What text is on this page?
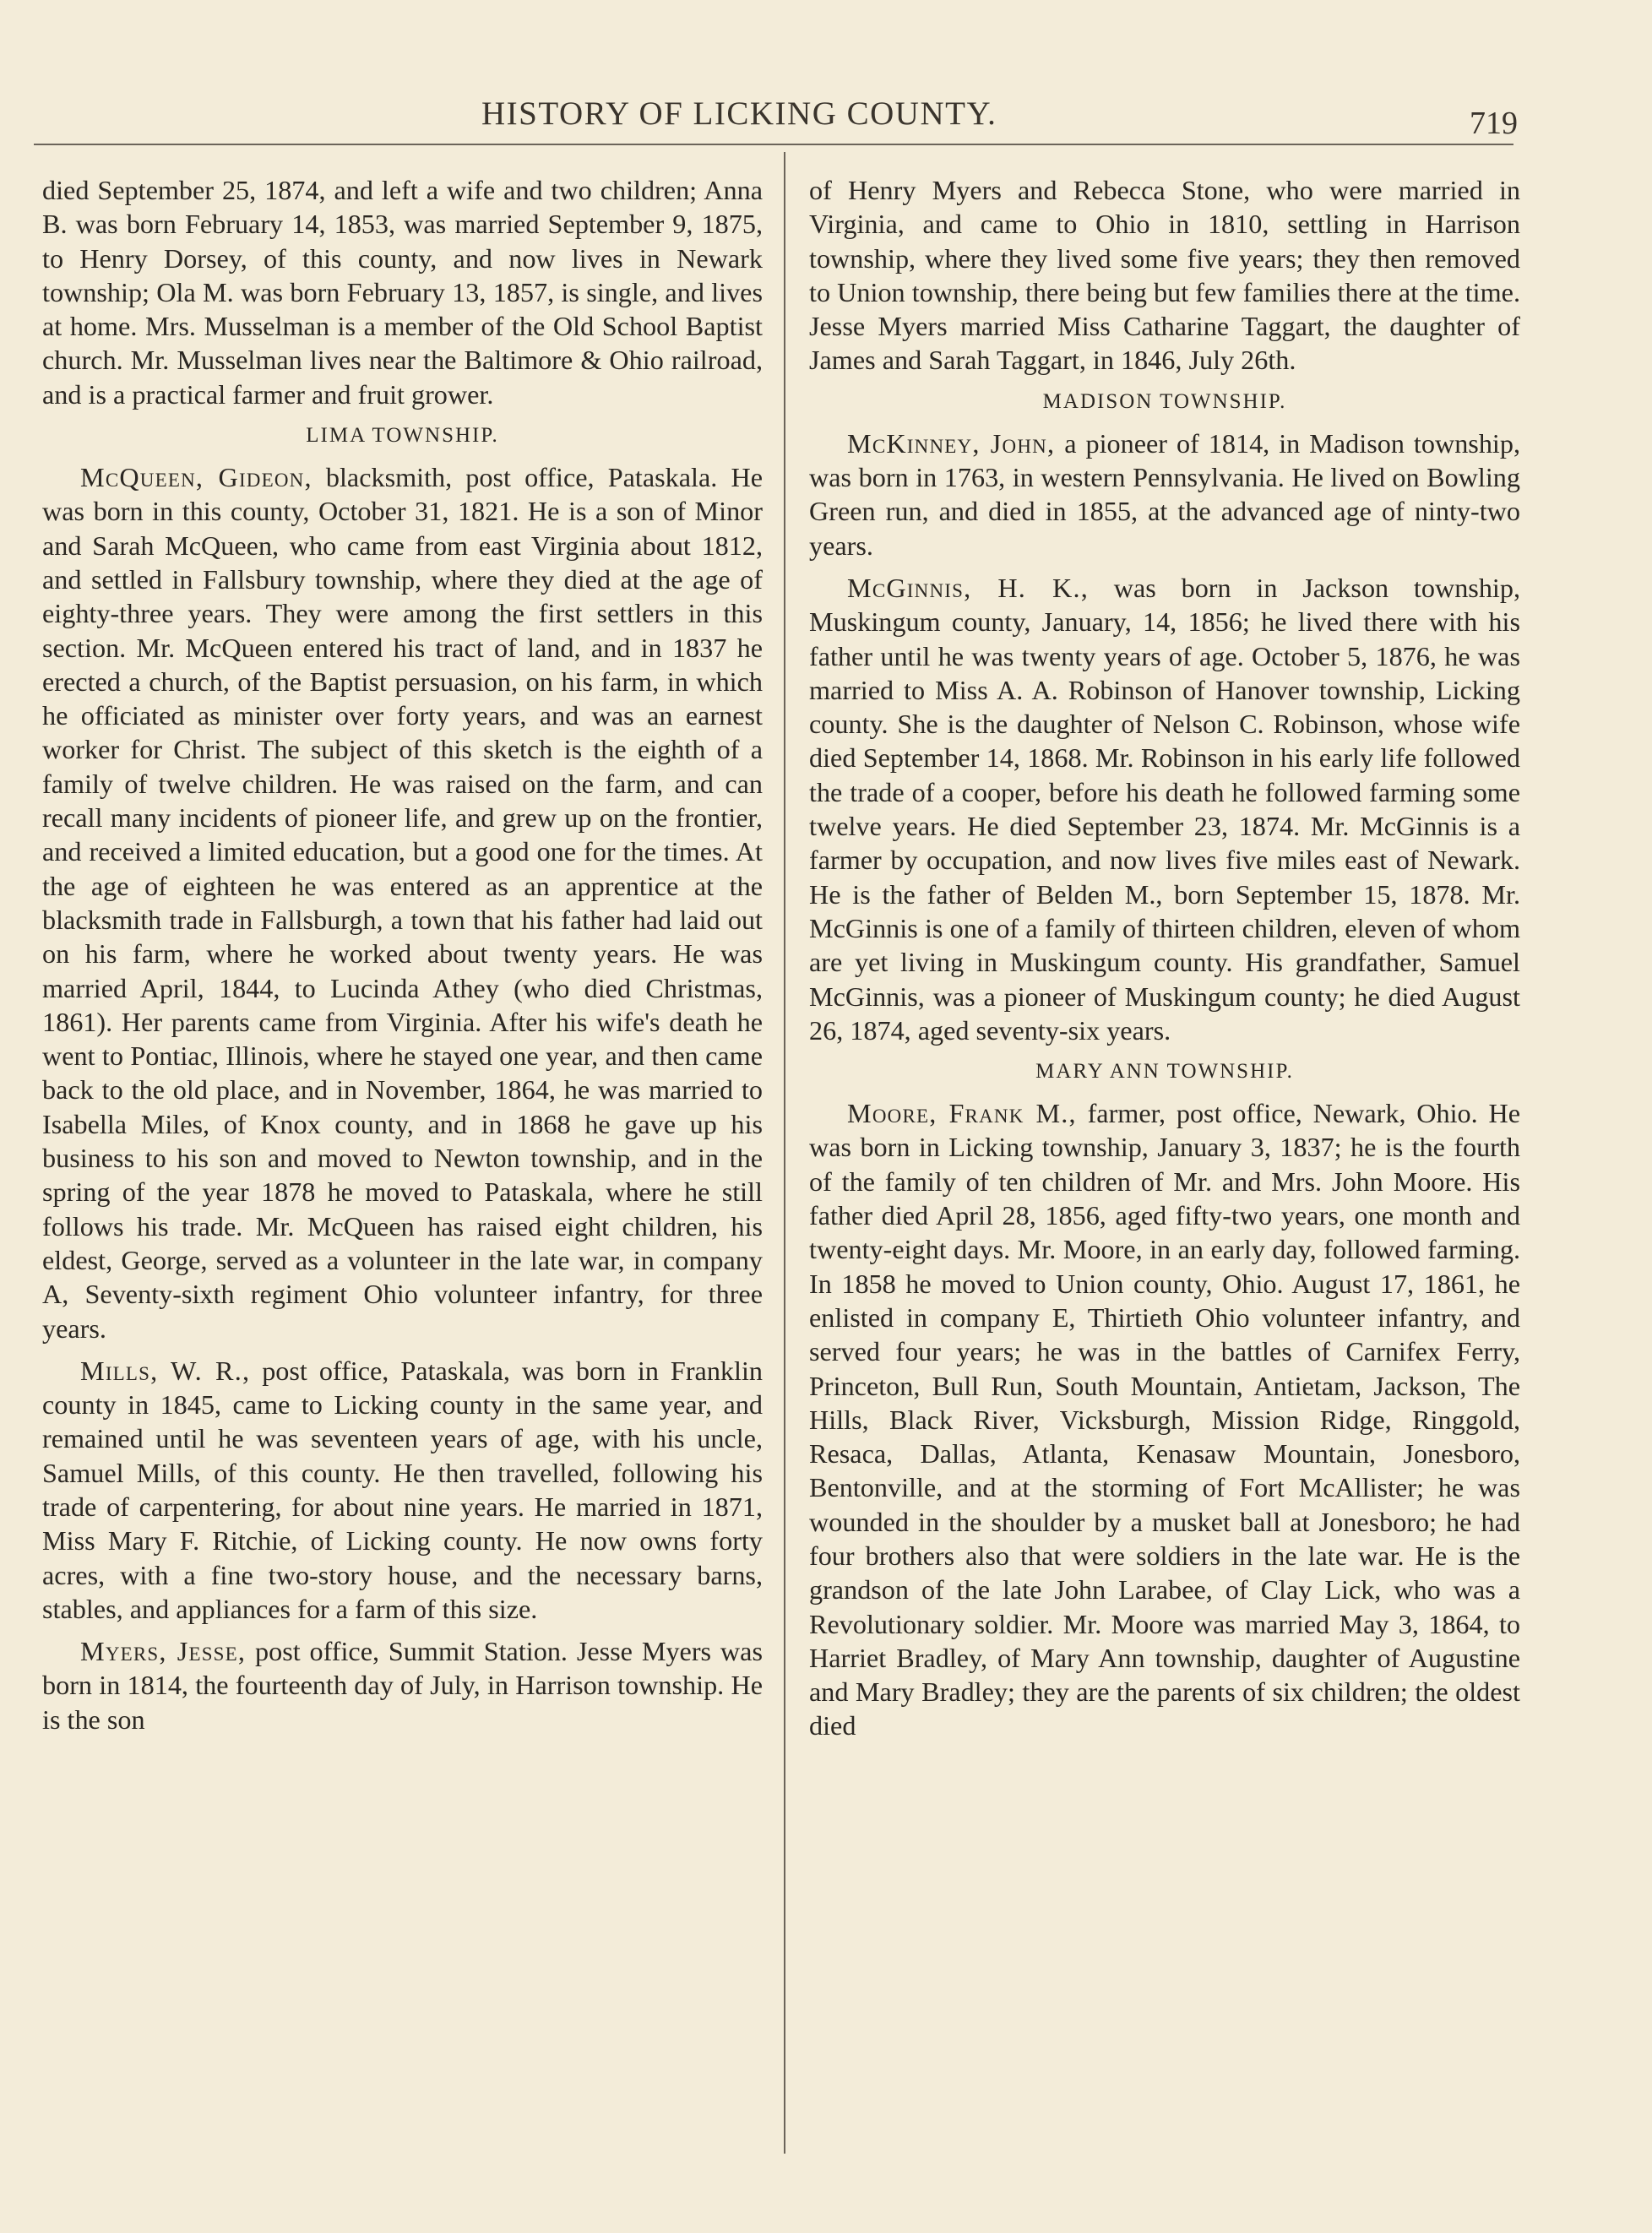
HISTORY OF LICKING COUNTY.	719

died September 25, 1874, and left a wife and two children; Anna B. was born February 14, 1853, was married September 9, 1875, to Henry Dorsey, of this county, and now lives in Newark township; Ola M. was born February 13, 1857, is single, and lives at home. Mrs. Musselman is a member of the Old School Baptist church. Mr. Musselman lives near the Baltimore & Ohio railroad, and is a practical farmer and fruit grower.

LIMA TOWNSHIP.

McQueen, Gideon, blacksmith, post office, Pataskala. He was born in this county, October 31, 1821. He is a son of Minor and Sarah McQueen, who came from east Virginia about 1812, and settled in Fallsbury township, where they died at the age of eighty-three years. They were among the first settlers in this section. Mr. McQueen entered his tract of land, and in 1837 he erected a church, of the Baptist persuasion, on his farm, in which he officiated as minister over forty years, and was an earnest worker for Christ. The subject of this sketch is the eighth of a family of twelve children. He was raised on the farm, and can recall many incidents of pioneer life, and grew up on the frontier, and received a limited education, but a good one for the times. At the age of eighteen he was entered as an apprentice at the blacksmith trade in Fallsburgh, a town that his father had laid out on his farm, where he worked about twenty years. He was married April, 1844, to Lucinda Athey (who died Christmas, 1861). Her parents came from Virginia. After his wife's death he went to Pontiac, Illinois, where he stayed one year, and then came back to the old place, and in November, 1864, he was married to Isabella Miles, of Knox county, and in 1868 he gave up his business to his son and moved to Newton township, and in the spring of the year 1878 he moved to Pataskala, where he still follows his trade. Mr. McQueen has raised eight children, his eldest, George, served as a volunteer in the late war, in company A, Seventy-sixth regiment Ohio volunteer infantry, for three years.

Mills, W. R., post office, Pataskala, was born in Franklin county in 1845, came to Licking county in the same year, and remained until he was seventeen years of age, with his uncle, Samuel Mills, of this county. He then travelled, following his trade of carpentering, for about nine years. He married in 1871, Miss Mary F. Ritchie, of Licking county. He now owns forty acres, with a fine two-story house, and the necessary barns, stables, and appliances for a farm of this size.

Myers, Jesse, post office, Summit Station. Jesse Myers was born in 1814, the fourteenth day of July, in Harrison township. He is the son

of Henry Myers and Rebecca Stone, who were married in Virginia, and came to Ohio in 1810, settling in Harrison township, where they lived some five years; they then removed to Union township, there being but few families there at the time. Jesse Myers married Miss Catharine Taggart, the daughter of James and Sarah Taggart, in 1846, July 26th.

MADISON TOWNSHIP.

McKinney, John, a pioneer of 1814, in Madison township, was born in 1763, in western Pennsylvania. He lived on Bowling Green run, and died in 1855, at the advanced age of ninty-two years.

McGinnis, H. K., was born in Jackson township, Muskingum county, January, 14, 1856; he lived there with his father until he was twenty years of age. October 5, 1876, he was married to Miss A. A. Robinson of Hanover township, Licking county. She is the daughter of Nelson C. Robinson, whose wife died September 14, 1868. Mr. Robinson in his early life followed the trade of a cooper, before his death he followed farming some twelve years. He died September 23, 1874. Mr. McGinnis is a farmer by occupation, and now lives five miles east of Newark. He is the father of Belden M., born September 15, 1878. Mr. McGinnis is one of a family of thirteen children, eleven of whom are yet living in Muskingum county. His grandfather, Samuel McGinnis, was a pioneer of Muskingum county; he died August 26, 1874, aged seventy-six years.

MARY ANN TOWNSHIP.

Moore, Frank M., farmer, post office, Newark, Ohio. He was born in Licking township, January 3, 1837; he is the fourth of the family of ten children of Mr. and Mrs. John Moore. His father died April 28, 1856, aged fifty-two years, one month and twenty-eight days. Mr. Moore, in an early day, followed farming. In 1858 he moved to Union county, Ohio. August 17, 1861, he enlisted in company E, Thirtieth Ohio volunteer infantry, and served four years; he was in the battles of Carnifex Ferry, Princeton, Bull Run, South Mountain, Antietam, Jackson, The Hills, Black River, Vicksburgh, Mission Ridge, Ringgold, Resaca, Dallas, Atlanta, Kenasaw Mountain, Jonesboro, Bentonville, and at the storming of Fort McAllister; he was wounded in the shoulder by a musket ball at Jonesboro; he had four brothers also that were soldiers in the late war. He is the grandson of the late John Larabee, of Clay Lick, who was a Revolutionary soldier. Mr. Moore was married May 3, 1864, to Harriet Bradley, of Mary Ann township, daughter of Augustine and Mary Bradley; they are the parents of six children; the oldest died
